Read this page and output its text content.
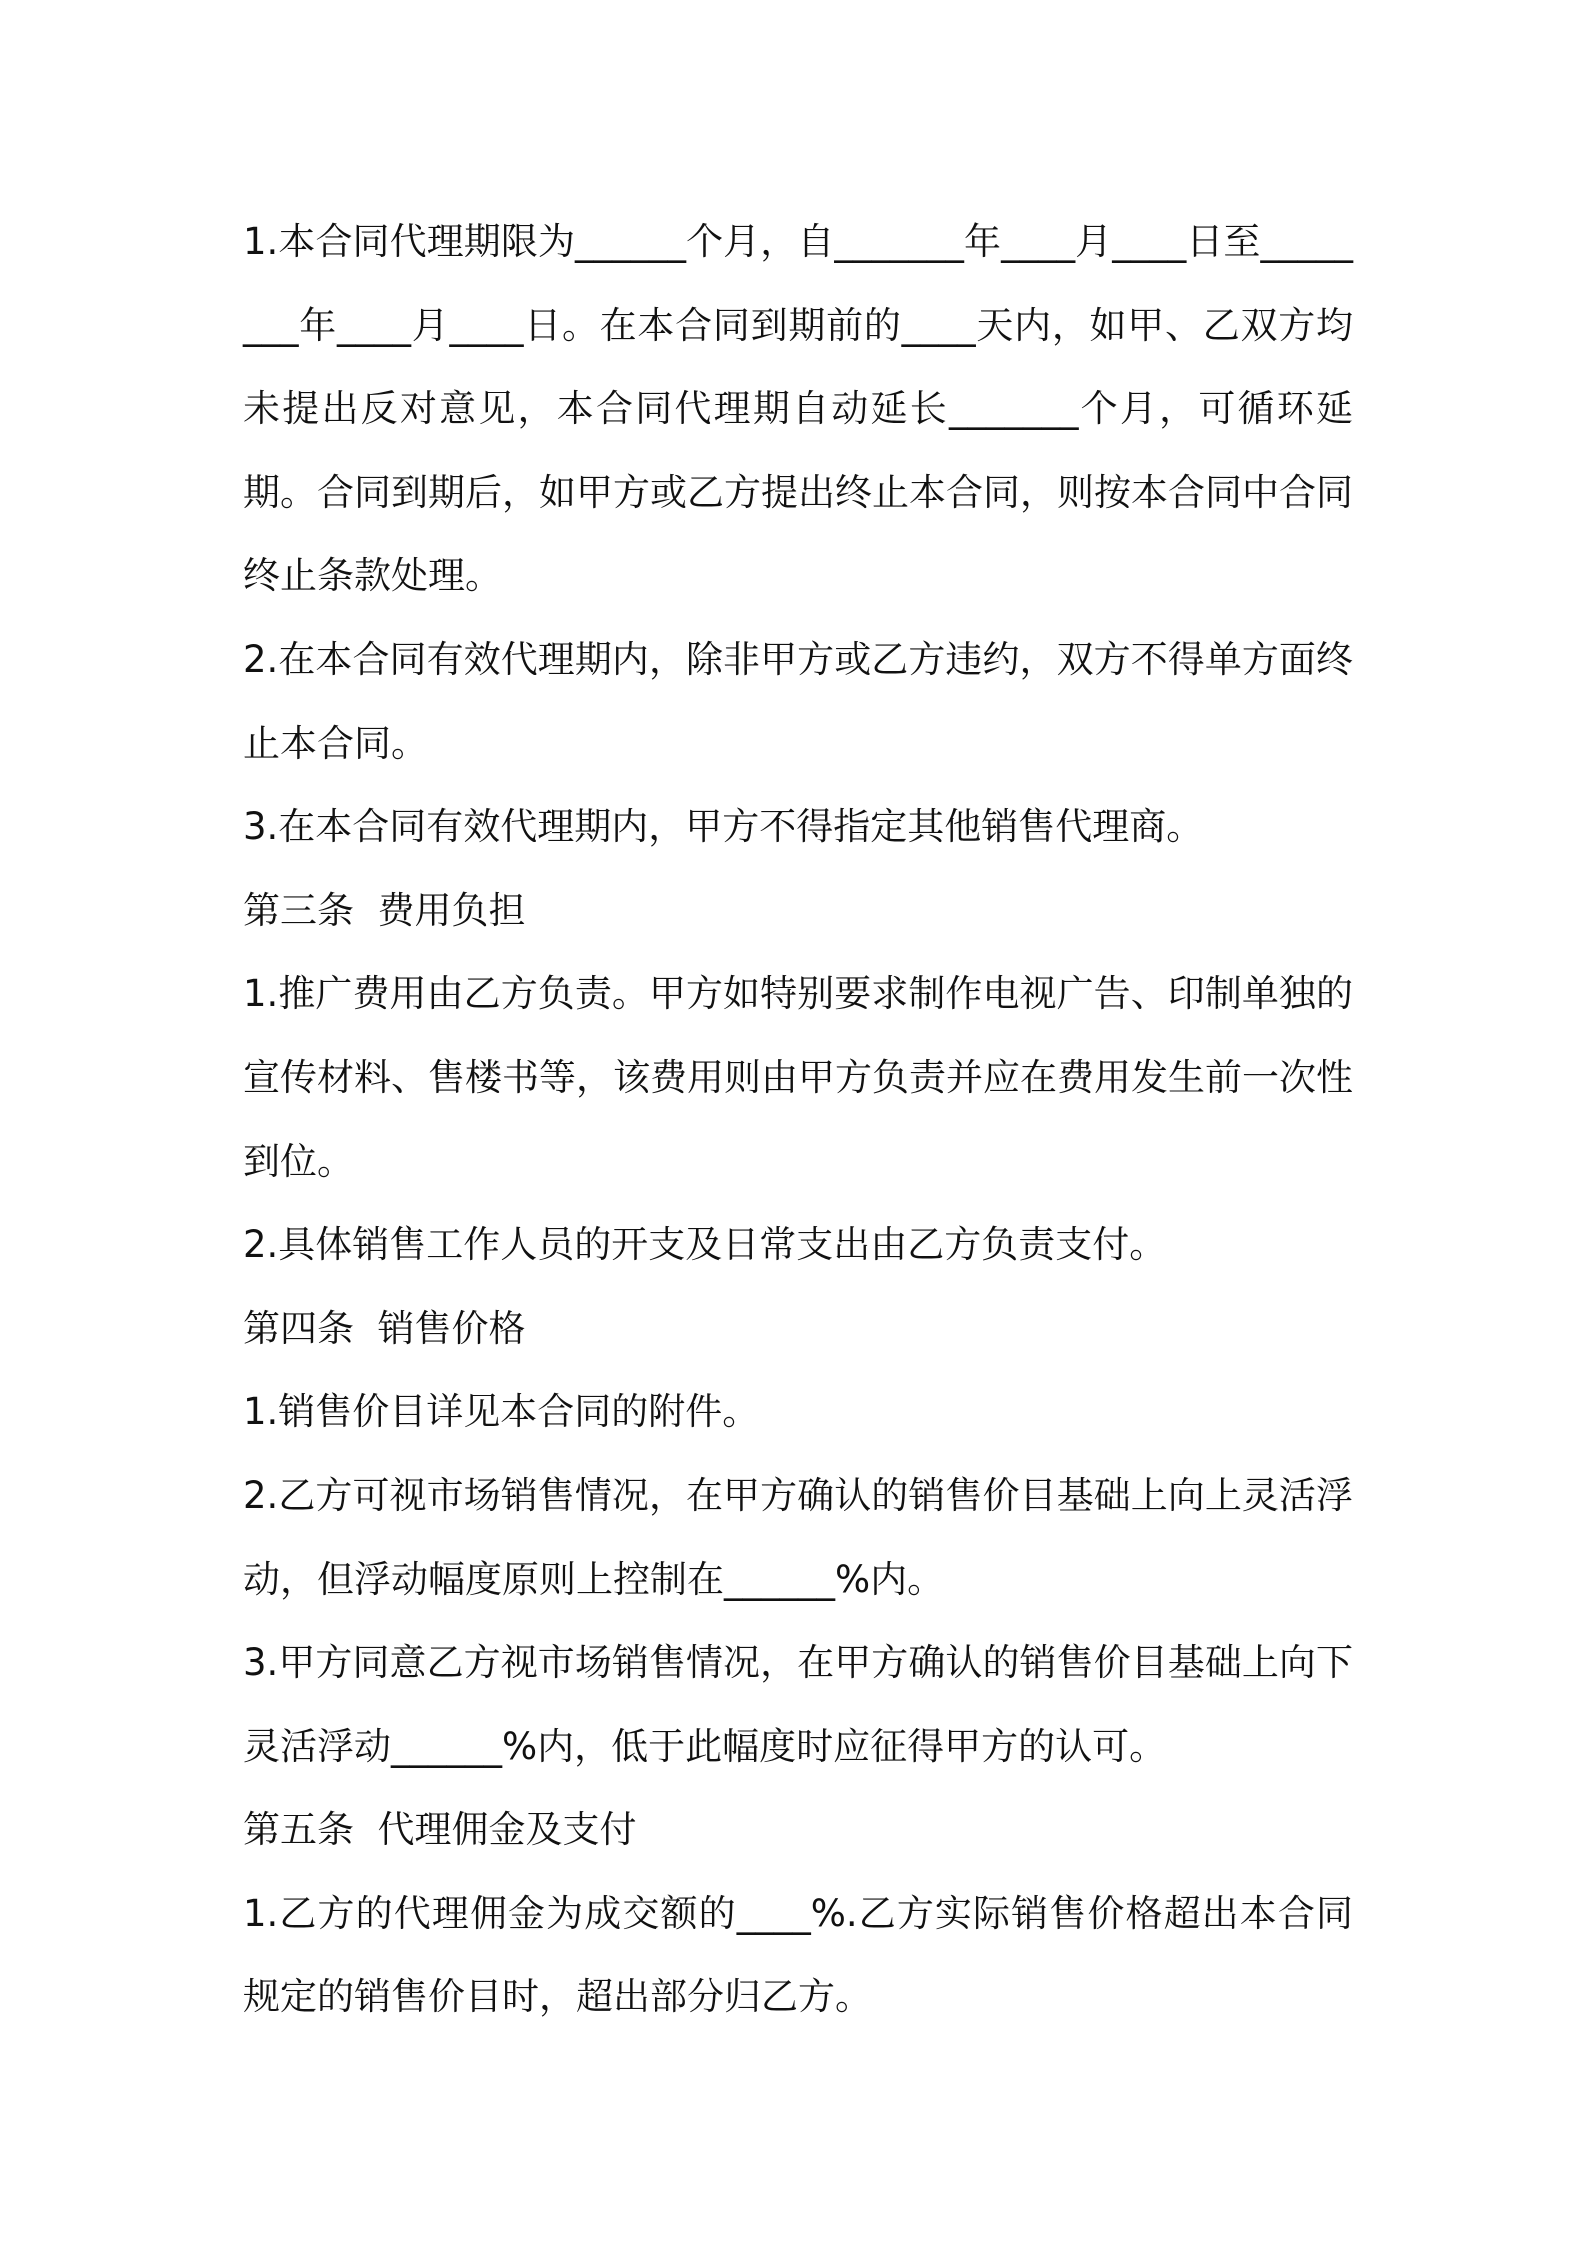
1.本合同代理期限为______个月，自_______年____月____日至________年____月____日。在本合同到期前的____天内，如甲、乙双方均未提出反对意见，本合同代理期自动延长_______个月，可循环延期。合同到期后，如甲方或乙方提出终止本合同，则按本合同中合同终止条款处理。

2.在本合同有效代理期内，除非甲方或乙方违约，双方不得单方面终止本合同。

3.在本合同有效代理期内，甲方不得指定其他销售代理商。

第三条  费用负担

1.推广费用由乙方负责。甲方如特别要求制作电视广告、印制单独的宣传材料、售楼书等，该费用则由甲方负责并应在费用发生前一次性到位。

2.具体销售工作人员的开支及日常支出由乙方负责支付。

第四条  销售价格

1.销售价目详见本合同的附件。

2.乙方可视市场销售情况，在甲方确认的销售价目基础上向上灵活浮动，但浮动幅度原则上控制在______%内。

3.甲方同意乙方视市场销售情况，在甲方确认的销售价目基础上向下灵活浮动______%内，低于此幅度时应征得甲方的认可。

第五条  代理佣金及支付

1.乙方的代理佣金为成交额的____%.乙方实际销售价格超出本合同规定的销售价目时，超出部分归乙方。
